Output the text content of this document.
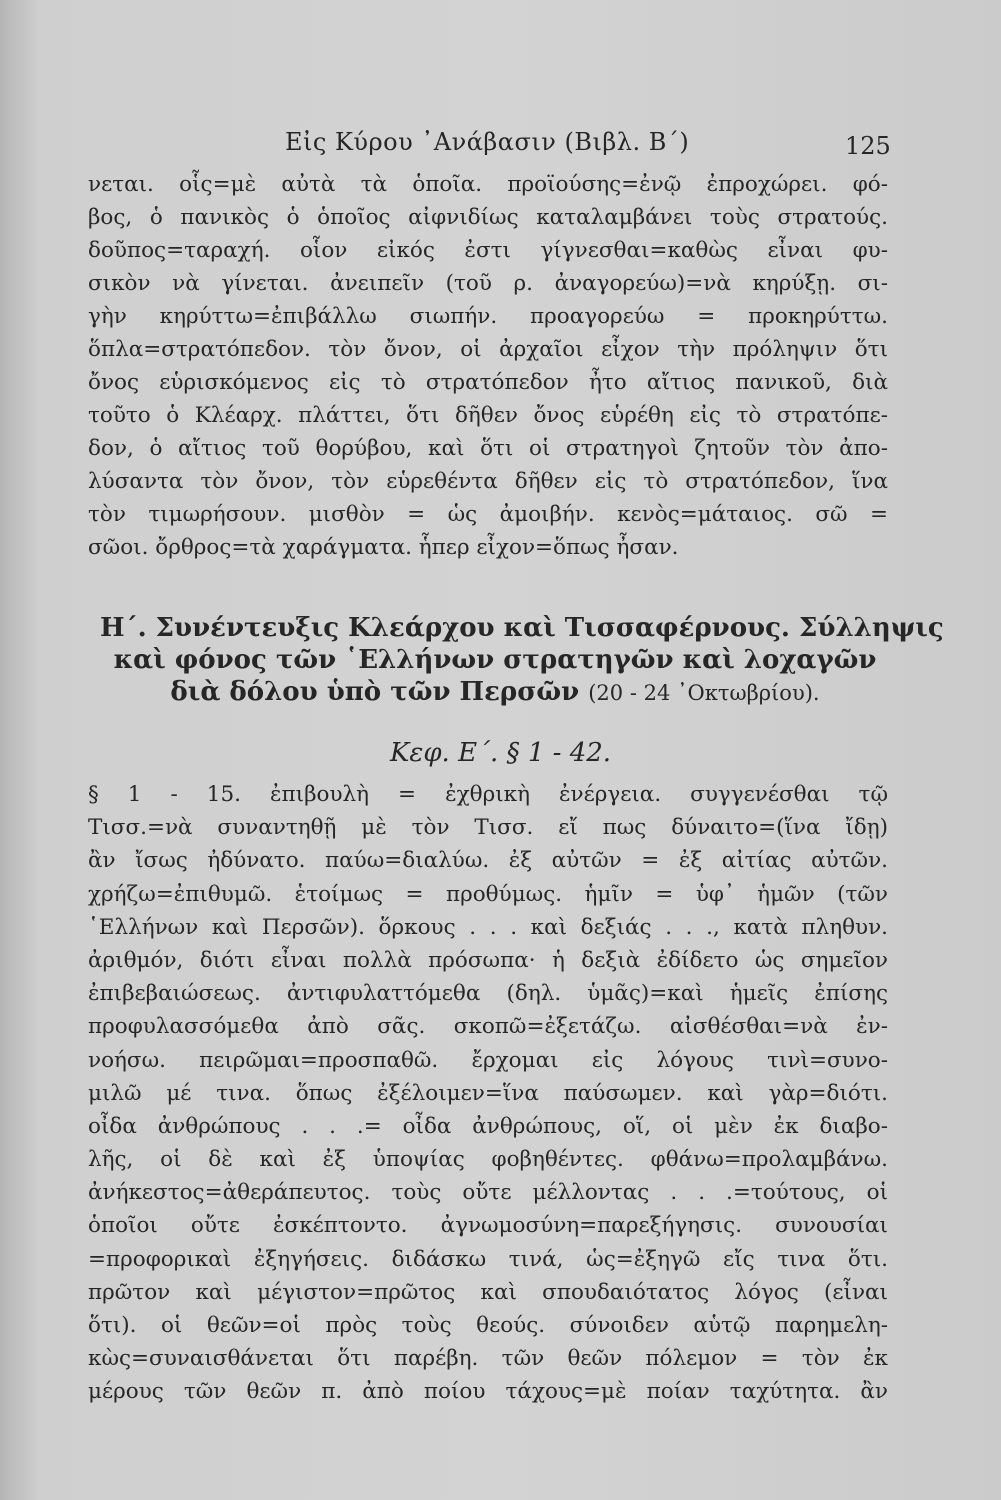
Εἰς Κύρου ᾿Ανάβασιν (Βιβλ. Β΄)	125
νεται. οἷς=μὲ αὐτὰ τὰ ὁποῖα. προϊούσης=ἐνῷ ἐπροχώρει. φό-
βος, ὁ πανικὸς ὁ ὁποῖος αἰφνιδίως καταλαμβάνει τοὺς στρατούς.
δοῦπος=ταραχή. οἷον εἰκός ἐστι γίγνεσθαι=καθὼς εἶναι φυ-
σικὸν νὰ γίνεται. ἀνειπεῖν (τοῦ ρ. ἀναγορεύω)=νὰ κηρύξῃ. σι-
γὴν κηρύττω=ἐπιβάλλω σιωπήν. προαγορεύω = προκηρύττω.
ὅπλα=στρατόπεδον. τὸν ὄνον, οἱ ἀρχαῖοι εἶχον τὴν πρόληψιν ὅτι
ὄνος εὑρισκόμενος εἰς τὸ στρατόπεδον ἦτο αἴτιος πανικοῦ, διὰ
τοῦτο ὁ Κλέαρχ. πλάττει, ὅτι δῆθεν ὄνος εὑρέθη εἰς τὸ στρατόπε-
δον, ὁ αἴτιος τοῦ θορύβου, καὶ ὅτι οἱ στρατηγοὶ ζητοῦν τὸν ἀπο-
λύσαντα τὸν ὄνον, τὸν εὑρεθέντα δῆθεν εἰς τὸ στρατόπεδον, ἵνα
τὸν τιμωρήσουν. μισθὸν = ὡς ἀμοιβήν. κενὸς=μάταιος. σῶ =
σῶοι. ὄρθρος=τὰ χαράγματα. ἧπερ εἶχον=ὅπως ἦσαν.
Η΄. Συνέντευξις Κλεάρχου καὶ Τισσαφέρνους. Σύλληψις
καὶ φόνος τῶν ῾Ελλήνων στρατηγῶν καὶ λοχαγῶν
διὰ δόλου ὑπὸ τῶν Περσῶν (20 - 24 ᾿Οκτωβρίου).
Κεφ. Ε΄. § 1 - 42.
§ 1 - 15. ἐπιβουλὴ = ἐχθρικὴ ἐνέργεια. συγγενέσθαι τῷ
Τισσ.=νὰ συναντηθῇ μὲ τὸν Τισσ. εἴ πως δύναιτο=(ἵνα ἴδῃ)
ἂν ἴσως ἠδύνατο. παύω=διαλύω. ἐξ αὐτῶν = ἐξ αἰτίας αὐτῶν.
χρήζω=ἐπιθυμῶ. ἑτοίμως = προθύμως. ἡμῖν = ὑφ᾿ ἡμῶν (τῶν
῾Ελλήνων καὶ Περσῶν). ὅρκους . . . καὶ δεξιάς . . ., κατὰ πληθυν.
ἀριθμόν, διότι εἶναι πολλὰ πρόσωπα· ἡ δεξιὰ ἐδίδετο ὡς σημεῖον
ἐπιβεβαιώσεως. ἀντιφυλαττόμεθα (δηλ. ὑμᾶς)=καὶ ἡμεῖς ἐπίσης
προφυλασσόμεθα ἀπὸ σᾶς. σκοπῶ=ἐξετάζω. αἰσθέσθαι=νὰ ἐν-
νοήσω. πειρῶμαι=προσπαθῶ. ἔρχομαι εἰς λόγους τινὶ=συνο-
μιλῶ μέ τινα. ὅπως ἐξέλοιμεν=ἵνα παύσωμεν. καὶ γὰρ=διότι.
οἶδα ἀνθρώπους . . .= οἶδα ἀνθρώπους, οἵ, οἱ μὲν ἐκ διαβο-
λῆς, οἱ δὲ καὶ ἐξ ὑποψίας φοβηθέντες. φθάνω=προλαμβάνω.
ἀνήκεστος=ἀθεράπευτος. τοὺς οὔτε μέλλοντας . . .=τούτους, οἱ
ὁποῖοι οὔτε ἐσκέπτοντο. ἀγνωμοσύνη=παρεξήγησις. συνουσίαι
=προφορικαὶ ἐξηγήσεις. διδάσκω τινά, ὡς=ἐξηγῶ εἴς τινα ὅτι.
πρῶτον καὶ μέγιστον=πρῶτος καὶ σπουδαιότατος λόγος (εἶναι
ὅτι). οἱ θεῶν=οἱ πρὸς τοὺς θεούς. σύνοιδεν αὑτῷ παρημελη-
κὼς=συναισθάνεται ὅτι παρέβη. τῶν θεῶν πόλεμον = τὸν ἐκ
μέρους τῶν θεῶν π. ἀπὸ ποίου τάχους=μὲ ποίαν ταχύτητα. ἂν
